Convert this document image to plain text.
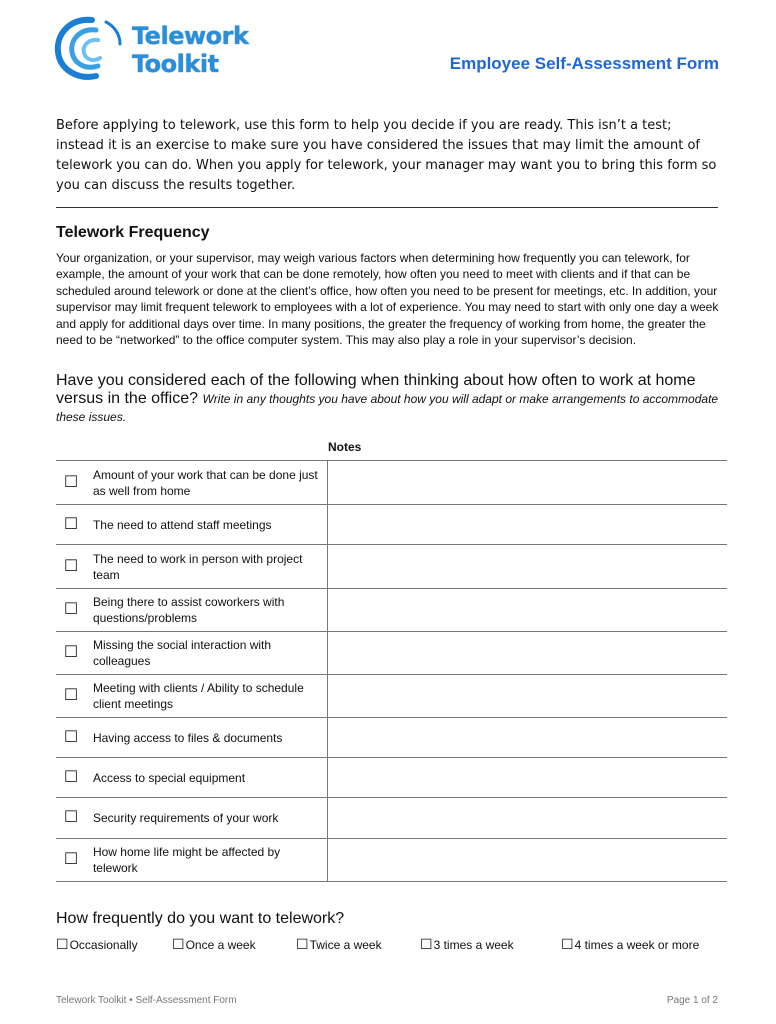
Telework
Toolkit	Employee Self-Assessment Form
Before applying to telework, use this form to help you decide if you are ready. This isn’t a test; instead it is an exercise to make sure you have considered the issues that may limit the amount of telework you can do. When you apply for telework, your manager may want you to bring this form so you can discuss the results together.
Telework Frequency
Your organization, or your supervisor, may weigh various factors when determining how frequently you can telework, for example, the amount of your work that can be done remotely, how often you need to meet with clients and if that can be scheduled around telework or done at the client’s office, how often you need to be present for meetings, etc. In addition, your supervisor may limit frequent telework to employees with a lot of experience. You may need to start with only one day a week and apply for additional days over time. In many positions, the greater the frequency of working from home, the greater the need to be “networked” to the office computer system. This may also play a role in your supervisor’s decision.
Have you considered each of the following when thinking about how often to work at home versus in the office? Write in any thoughts you have about how you will adapt or make arrangements to accommodate these issues.
Notes
☐	Amount of your work that can be done just as well from home	
☐	The need to attend staff meetings	
☐	The need to work in person with project team	
☐	Being there to assist coworkers with questions/problems	
☐	Missing the social interaction with colleagues	
☐	Meeting with clients / Ability to schedule client meetings	
☐	Having access to files & documents	
☐	Access to special equipment	
☐	Security requirements of your work	
☐	How home life might be affected by telework	
How frequently do you want to telework?
☐Occasionally ☐Once a week	☐Twice a week	☐3 times a week	☐4 times a week or more
Telework Toolkit • Self-Assessment Form	Page 1 of 2
